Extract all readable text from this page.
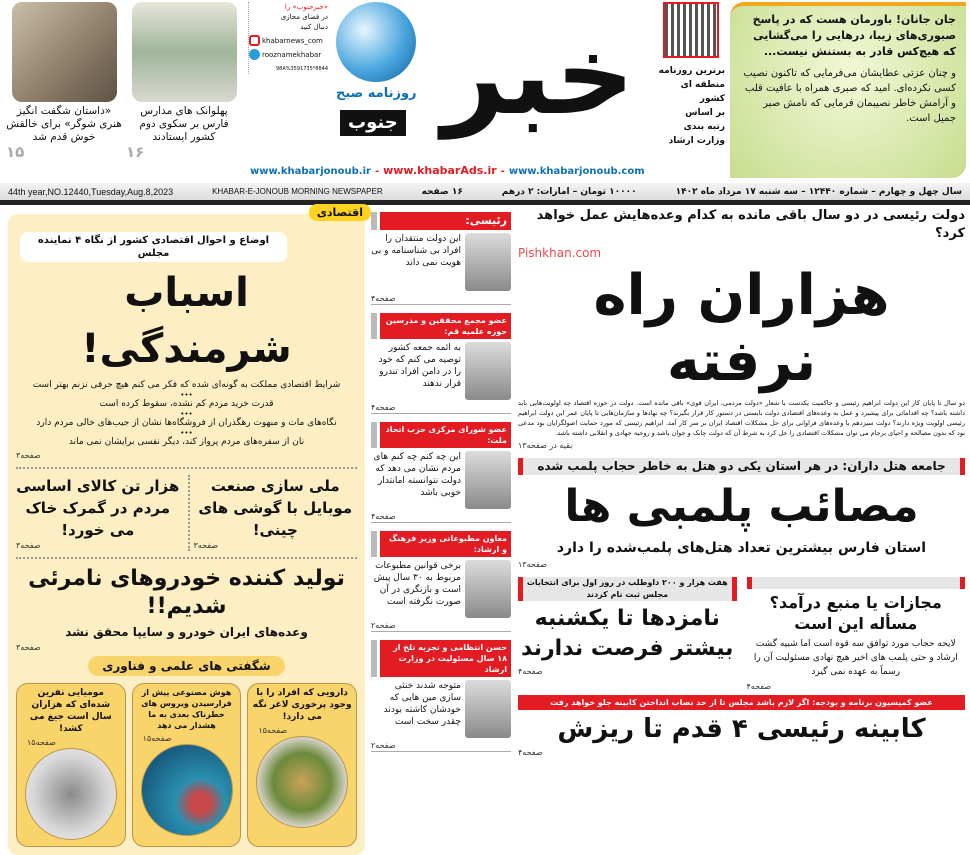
«داستان شگفت انگیز هنری شوگر» برای خالقش خوش قدم شد
۱۵
پهلوانک های مدارس فارس بر سکوی دوم کشور ایستادند
۱۶
«خبرجنوب» را
در فضای مجازی
دنبال کنید
khabarnews_com
rooznamekhabar
98A%3591735*8844
روزنامه صبح
جنوب خبر
www.khabarjonoub.ir - www.khabarAds.ir - www.khabarjonoub.com
برترین روزنامه
منطقه ای کشور
بر اساس
رتبه بندی
وزارت ارشاد
جان جانان! باورمان هست که در پاسخ صبوری‌های زیبا، درهایی را می‌گشایی که هیچ‌کس قادر به بستنش نیست...
و چنان عزتی عطایشان می‌فرمایی که تاکنون نصیب کسی نکرده‌ای. امید که صبری همراه با عافیت قلب و آرامش خاطر نصیبمان فرمایی که نامش صبر جمیل است.
44th year,NO.12440,Tuesday,Aug.8,2023	KHABAR-E-JONOUB MORNING NEWSPAPER	۱۶ صفحه	۱۰۰۰۰ تومان – امارات: ۲ درهم	سال چهل و چهارم – شماره ۱۲۴۴۰ – سه شنبه ۱۷ مرداد ماه ۱۴۰۲
اقتصادی
اوضاع و احوال اقتصادی کشور از نگاه ۴ نماینده مجلس
اسباب شرمندگی!
شرایط اقتصادی مملکت به گونه‌ای شده که فکر می کنم هیچ حرفی نزنم بهتر است
•••
قدرت خرید مردم کم نشده، سقوط کرده است
•••
نگاه‌های مات و مبهوت رهگذران از فروشگاه‌ها نشان از جیب‌های خالی مردم دارد
•••
نان از سفره‌های مردم پرواز کند، دیگر نفسی برایشان نمی ماند
صفحه۳
ملی سازی صنعت موبایل با گوشی های چینی!
صفحه۳
هزار تن کالای اساسی مردم در گمرک خاک می خورد!
صفحه۳
تولید کننده خودروهای نامرئی شدیم!!
وعده‌های ایران خودرو و سایپا محقق نشد
صفحه۳
شگفتی های علمی و فناوری
دارویی که افراد را با وجود پرخوری لاغر نگه می دارد!
صفحه۱۵
هوش مصنوعی پیش از فرارسیدن ویروس های خطرناک بعدی به ما هشدار می دهد
صفحه۱۵
مومیایی نفرین شده‌ای که هزاران سال است جیغ می کشد!
صفحه۱۵
رئیسی:
این دولت منتقدان را افراد بی شناسنامه و بی هویت نمی داند
صفحه۴
عضو مجمع محققین و مدرسین حوزه علمیه قم:
به ائمه جمعه کشور توصیه می کنم که خود را در دامن افراد تندرو قرار ندهند
صفحه۴
عضو شورای مرکزی حزب اتحاد ملت:
این چه کنم چه کنم های مردم نشان می دهد که دولت نتوانسته امانتدار خوبی باشد
صفحه۴
معاون مطبوعاتی وزیر فرهنگ و ارشاد:
برخی قوانین مطبوعات مربوط به ۳۰ سال پیش است و بازنگری در آن صورت نگرفته است
صفحه۲
حسن انتظامی و تجربه تلخ از ۱۸ سال مسئولیت در وزارت ارشاد
متوجه شدند خنثی سازی مین هایی که خودشان کاشته بودند چقدر سخت است
صفحه۲
دولت رئیسی در دو سال باقی مانده به کدام وعده‌هایش عمل خواهد کرد؟
Pishkhan.com
هزاران راه نرفته
دو سال تا پایان کار این دولت ابراهیم رئیسی و حاکمیت یکدست با شعار «دولت مردمی، ایران قوی» باقی مانده است. دولت در حوزه اقتصاد چه اولویت‌هایی باید داشته باشد؟ چه اقداماتی برای پیشبرد و عمل به وعده‌های اقتصادی دولت بایستی در دستور کار قرار بگیرند؟ چه نهادها و سازمان‌هایی تا پایان عمر این دولت ابراهیم رئیسی اولویت ویژه دارند؟ دولت سیزدهم با وعده‌های فراوانی برای حل مشکلات اقتصاد ایران بر سر کار آمد. ابراهیم رئیسی که مورد حمایت اصولگرایان بود مدعی بود که بدون مصالحه و احیای برجام می توان مشکلات اقتصادی را حل کرد به شرط آن که دولت چابک و جوان باشد و روحیه جهادی و انقلابی داشته باشد.
بقیه در صفحه۱۳
جامعه هتل داران: در هر استان یکی دو هتل به خاطر حجاب پلمب شده
مصائب پلمبی ها
استان فارس بیشترین تعداد هتل‌های پلمب‌شده را دارد
صفحه۱۳
مجازات یا منبع درآمد؟ مسأله این است
لایحه حجاب مورد توافق سه قوه است اما شبیه گشت ارشاد و حتی پلمب های اخیر هیچ نهادی مسئولیت آن را رسماً به عهده نمی گیرد
صفحه۴
هفت هزار و ۲۰۰ داوطلب در روز اول برای انتخابات مجلس ثبت نام کردند
نامزدها تا یکشنبه بیشتر فرصت ندارند
صفحه۴
عضو کمیسیون برنامه و بودجه: اگر لازم باشد مجلس تا از حد نصاب انداختن کابینه جلو خواهد رفت
کابینه رئیسی ۴ قدم تا ریزش
صفحه۴
